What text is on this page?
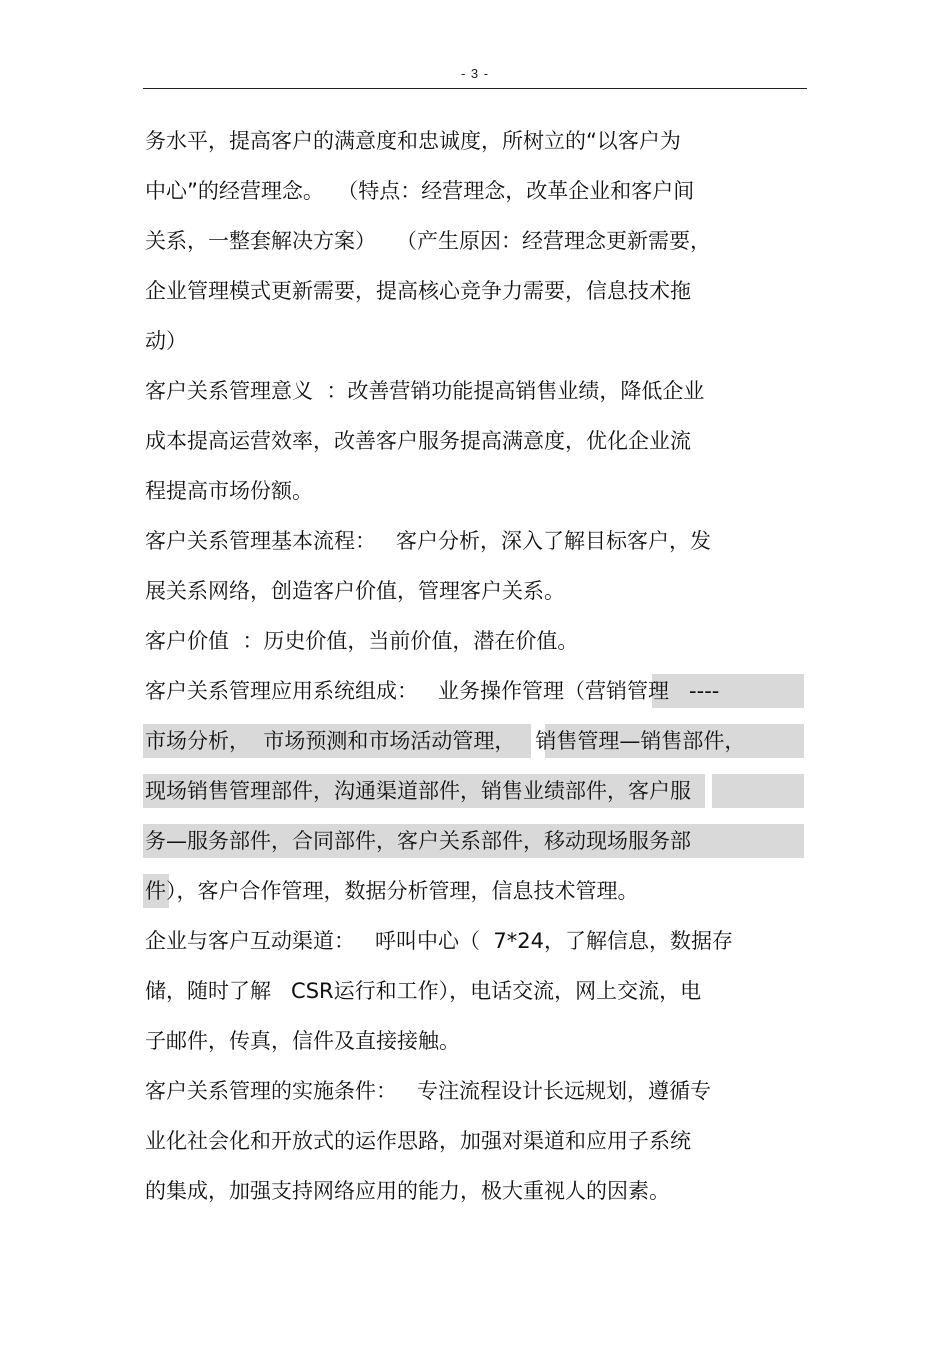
- 3 -
务水平，提高客户的满意度和忠诚度，所树立的“以客户为
中心”的经营理念。  （特点：经营理念，改革企业和客户间
关系，一整套解决方案）   （产生原因：经营理念更新需要，
企业管理模式更新需要，提高核心竞争力需要，信息技术拖
动）
客户关系管理意义  ：改善营销功能提高销售业绩，降低企业
成本提高运营效率，改善客户服务提高满意度，优化企业流
程提高市场份额。
客户关系管理基本流程：   客户分析，深入了解目标客户，发
展关系网络，创造客户价值，管理客户关系。
客户价值  ：历史价值，当前价值，潜在价值。
客户关系管理应用系统组成：   业务操作管理（营销管理   ----
市场分析，  市场预测和市场活动管理，   销售管理—销售部件，
现场销售管理部件，沟通渠道部件，销售业绩部件，客户服
务—服务部件，合同部件，客户关系部件，移动现场服务部
件），客户合作管理，数据分析管理，信息技术管理。
企业与客户互动渠道：   呼叫中心（  7*24，了解信息，数据存
储，随时了解   CSR运行和工作），电话交流，网上交流，电
子邮件，传真，信件及直接接触。
客户关系管理的实施条件：   专注流程设计长远规划，遵循专
业化社会化和开放式的运作思路，加强对渠道和应用子系统
的集成，加强支持网络应用的能力，极大重视人的因素。
